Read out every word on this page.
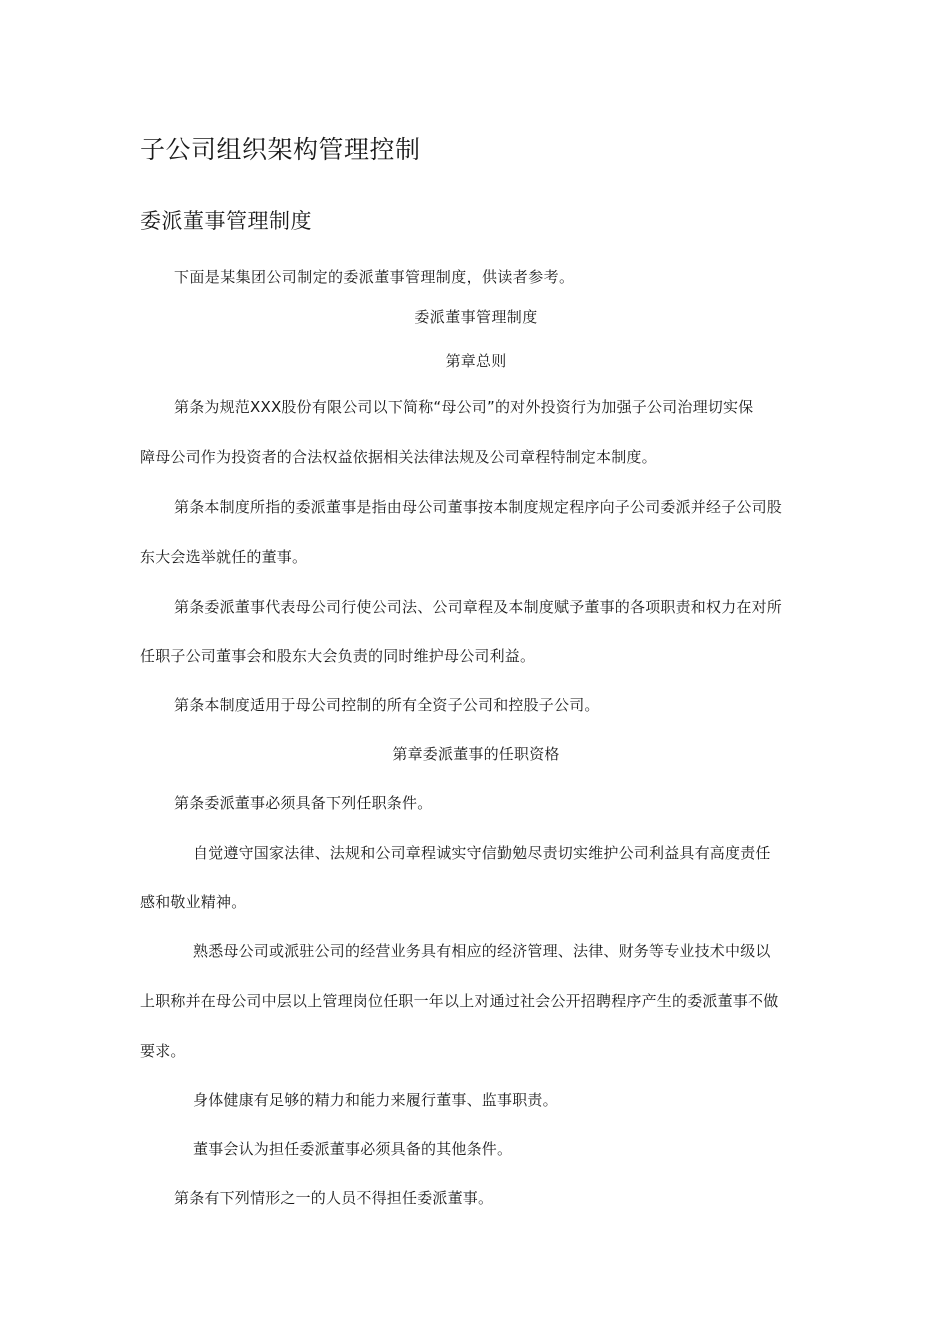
子公司组织架构管理控制
委派董事管理制度

下面是某集团公司制定的委派董事管理制度，供读者参考。

委派董事管理制度

第章总则

第条为规范XXX股份有限公司以下简称“母公司”的对外投资行为加强子公司治理切实保

障母公司作为投资者的合法权益依据相关法律法规及公司章程特制定本制度。

第条本制度所指的委派董事是指由母公司董事按本制度规定程序向子公司委派并经子公司股

东大会选举就任的董事。

第条委派董事代表母公司行使公司法、公司章程及本制度赋予董事的各项职责和权力在对所

任职子公司董事会和股东大会负责的同时维护母公司利益。

第条本制度适用于母公司控制的所有全资子公司和控股子公司。

第章委派董事的任职资格

第条委派董事必须具备下列任职条件。

自觉遵守国家法律、法规和公司章程诚实守信勤勉尽责切实维护公司利益具有高度责任

感和敬业精神。

熟悉母公司或派驻公司的经营业务具有相应的经济管理、法律、财务等专业技术中级以

上职称并在母公司中层以上管理岗位任职一年以上对通过社会公开招聘程序产生的委派董事不做

要求。

身体健康有足够的精力和能力来履行董事、监事职责。

董事会认为担任委派董事必须具备的其他条件。

第条有下列情形之一的人员不得担任委派董事。
